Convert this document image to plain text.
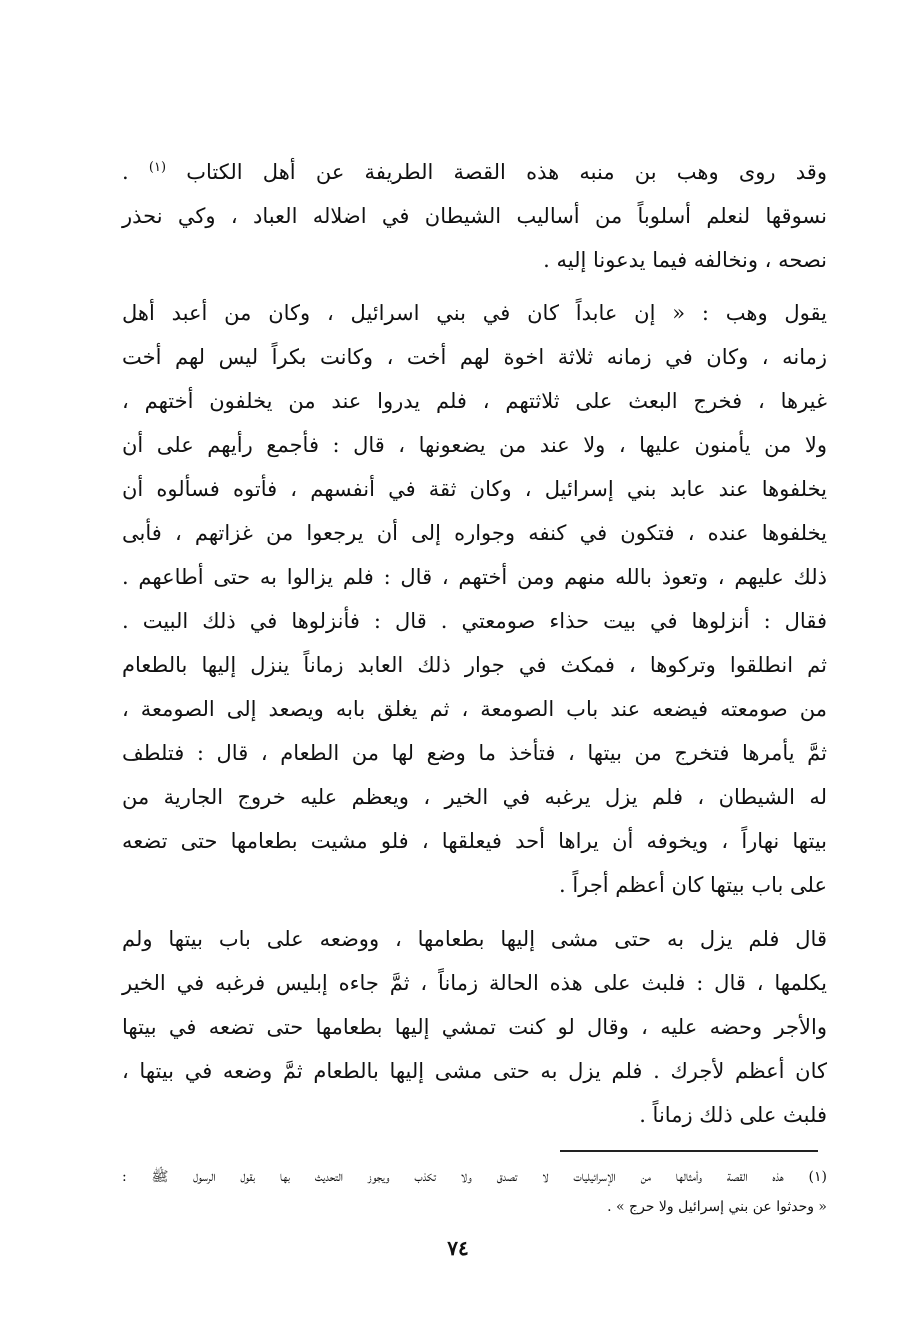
وقد روى وهب بن منبه هذه القصة الطريفة عن أهل الكتاب $^{(١)}$ .
نسوقها لنعلم أسلوباً من أساليب الشيطان في اضلاله العباد ، وكي نحذر
نصحه ، ونخالفه فيما يدعونا إليه .
يقول وهب : « إن عابداً كان في بني اسرائيل ، وكان من أعبد أهل
زمانه ، وكان في زمانه ثلاثة اخوة لهم أخت ، وكانت بكراً ليس لهم أخت
غيرها ، فخرج البعث على ثلاثتهم ، فلم يدروا عند من يخلفون أختهم ،
ولا من يأمنون عليها ، ولا عند من يضعونها ، قال : فأجمع رأيهم على أن
يخلفوها عند عابد بني إسرائيل ، وكان ثقة في أنفسهم ، فأتوه فسألوه أن
يخلفوها عنده ، فتكون في كنفه وجواره إلى أن يرجعوا من غزاتهم ، فأبى
ذلك عليهم ، وتعوذ بالله منهم ومن أختهم ، قال : فلم يزالوا به حتى أطاعهم .
فقال : أنزلوها في بيت حذاء صومعتي . قال : فأنزلوها في ذلك البيت .
ثم انطلقوا وتركوها ، فمكث في جوار ذلك العابد زماناً ينزل إليها بالطعام
من صومعته فيضعه عند باب الصومعة ، ثم يغلق بابه ويصعد إلى الصومعة ،
ثمَّ يأمرها فتخرج من بيتها ، فتأخذ ما وضع لها من الطعام ، قال : فتلطف
له الشيطان ، فلم يزل يرغبه في الخير ، ويعظم عليه خروج الجارية من
بيتها نهاراً ، ويخوفه أن يراها أحد فيعلقها ، فلو مشيت بطعامها حتى تضعه
على باب بيتها كان أعظم أجراً .
قال فلم يزل به حتى مشى إليها بطعامها ، ووضعه على باب بيتها ولم
يكلمها ، قال : فلبث على هذه الحالة زماناً ، ثمَّ جاءه إبليس فرغبه في الخير
والأجر وحضه عليه ، وقال لو كنت تمشي إليها بطعامها حتى تضعه في بيتها
كان أعظم لأجرك . فلم يزل به حتى مشى إليها بالطعام ثمَّ وضعه في بيتها ،
فلبث على ذلك زماناً .
(١) هذه القصة وأمثالها من الإسرائيليات لا تصدق ولا تكذب ويجوز التحديث بها بقول الرسول ﷺ :
« وحدثوا عن بني إسرائيل ولا حرج » .
٧٤
